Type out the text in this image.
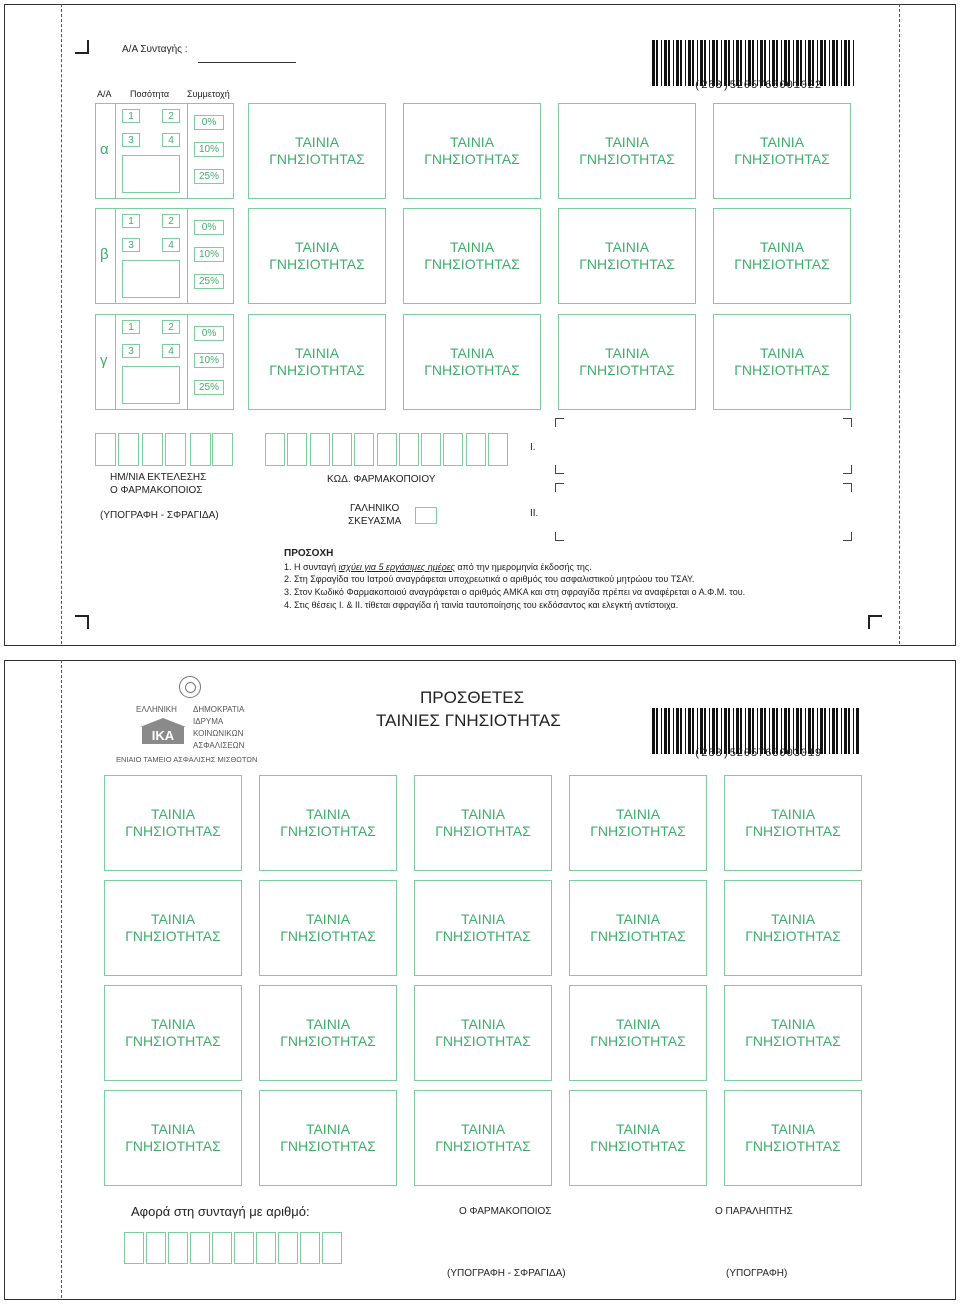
Α/Α Συνταγής :
(253)5205768001022
Α/Α Ποσότητα Συμμετοχή
α
1	2
3	4
0%
10%
25%
ΤΑΙΝΙΑ
ΓΝΗΣΙΟΤΗΤΑΣ
ΤΑΙΝΙΑ
ΓΝΗΣΙΟΤΗΤΑΣ
ΤΑΙΝΙΑ
ΓΝΗΣΙΟΤΗΤΑΣ
ΤΑΙΝΙΑ
ΓΝΗΣΙΟΤΗΤΑΣ
β
1	2
3	4
0%
10%
25%
ΤΑΙΝΙΑ
ΓΝΗΣΙΟΤΗΤΑΣ
ΤΑΙΝΙΑ
ΓΝΗΣΙΟΤΗΤΑΣ
ΤΑΙΝΙΑ
ΓΝΗΣΙΟΤΗΤΑΣ
ΤΑΙΝΙΑ
ΓΝΗΣΙΟΤΗΤΑΣ
γ
1	2
3	4
0%
10%
25%
ΤΑΙΝΙΑ
ΓΝΗΣΙΟΤΗΤΑΣ
ΤΑΙΝΙΑ
ΓΝΗΣΙΟΤΗΤΑΣ
ΤΑΙΝΙΑ
ΓΝΗΣΙΟΤΗΤΑΣ
ΤΑΙΝΙΑ
ΓΝΗΣΙΟΤΗΤΑΣ
ΗΜ/ΝΙΑ ΕΚΤΕΛΕΣΗΣ
Ο ΦΑΡΜΑΚΟΠΟΙΟΣ
(ΥΠΟΓΡΑΦΗ - ΣΦΡΑΓΙΔΑ)
ΚΩΔ. ΦΑΡΜΑΚΟΠΟΙΟΥ
ΓΑΛΗΝΙΚΟ
ΣΚΕΥΑΣΜΑ
I.
II.
ΠΡΟΣΟΧΗ
1. Η συνταγή ισχύει για 5 εργάσιμες ημέρες από την ημερομηνία έκδοσής της.
2. Στη Σφραγίδα του Ιατρού αναγράφεται υποχρεωτικά ο αριθμός του ασφαλιστικού μητρώου του ΤΣΑΥ.
3. Στον Κωδικό Φαρμακοποιού αναγράφεται ο αριθμός ΑΜΚΑ και στη σφραγίδα πρέπει να αναφέρεται ο Α.Φ.Μ. του.
4. Στις θέσεις I. & II. τίθεται σφραγίδα ή ταινία ταυτοποίησης του εκδόσαντος και ελεγκτή αντίστοιχα.
ΕΛΛΗΝΙΚΗ ΔΗΜΟΚΡΑΤΙΑ
ΙΚΑ
ΙΔΡΥΜΑ
ΚΟΙΝΩΝΙΚΩΝ
ΑΣΦΑΛΙΣΕΩΝ
ΕΝΙΑΙΟ ΤΑΜΕΙΟ ΑΣΦΑΛΙΣΗΣ ΜΙΣΘΩΤΩΝ
ΠΡΟΣΘΕΤΕΣ
ΤΑΙΝΙΕΣ ΓΝΗΣΙΟΤΗΤΑΣ
(253)5205768003019
ΤΑΙΝΙΑ
ΓΝΗΣΙΟΤΗΤΑΣ
ΤΑΙΝΙΑ
ΓΝΗΣΙΟΤΗΤΑΣ
ΤΑΙΝΙΑ
ΓΝΗΣΙΟΤΗΤΑΣ
ΤΑΙΝΙΑ
ΓΝΗΣΙΟΤΗΤΑΣ
ΤΑΙΝΙΑ
ΓΝΗΣΙΟΤΗΤΑΣ
ΤΑΙΝΙΑ
ΓΝΗΣΙΟΤΗΤΑΣ
ΤΑΙΝΙΑ
ΓΝΗΣΙΟΤΗΤΑΣ
ΤΑΙΝΙΑ
ΓΝΗΣΙΟΤΗΤΑΣ
ΤΑΙΝΙΑ
ΓΝΗΣΙΟΤΗΤΑΣ
ΤΑΙΝΙΑ
ΓΝΗΣΙΟΤΗΤΑΣ
ΤΑΙΝΙΑ
ΓΝΗΣΙΟΤΗΤΑΣ
ΤΑΙΝΙΑ
ΓΝΗΣΙΟΤΗΤΑΣ
ΤΑΙΝΙΑ
ΓΝΗΣΙΟΤΗΤΑΣ
ΤΑΙΝΙΑ
ΓΝΗΣΙΟΤΗΤΑΣ
ΤΑΙΝΙΑ
ΓΝΗΣΙΟΤΗΤΑΣ
ΤΑΙΝΙΑ
ΓΝΗΣΙΟΤΗΤΑΣ
ΤΑΙΝΙΑ
ΓΝΗΣΙΟΤΗΤΑΣ
ΤΑΙΝΙΑ
ΓΝΗΣΙΟΤΗΤΑΣ
ΤΑΙΝΙΑ
ΓΝΗΣΙΟΤΗΤΑΣ
ΤΑΙΝΙΑ
ΓΝΗΣΙΟΤΗΤΑΣ
Αφορά στη συνταγή με αριθμό:	Ο ΦΑΡΜΑΚΟΠΟΙΟΣ	Ο ΠΑΡΑΛΗΠΤΗΣ
(ΥΠΟΓΡΑΦΗ - ΣΦΡΑΓΙΔΑ)	(ΥΠΟΓΡΑΦΗ)
